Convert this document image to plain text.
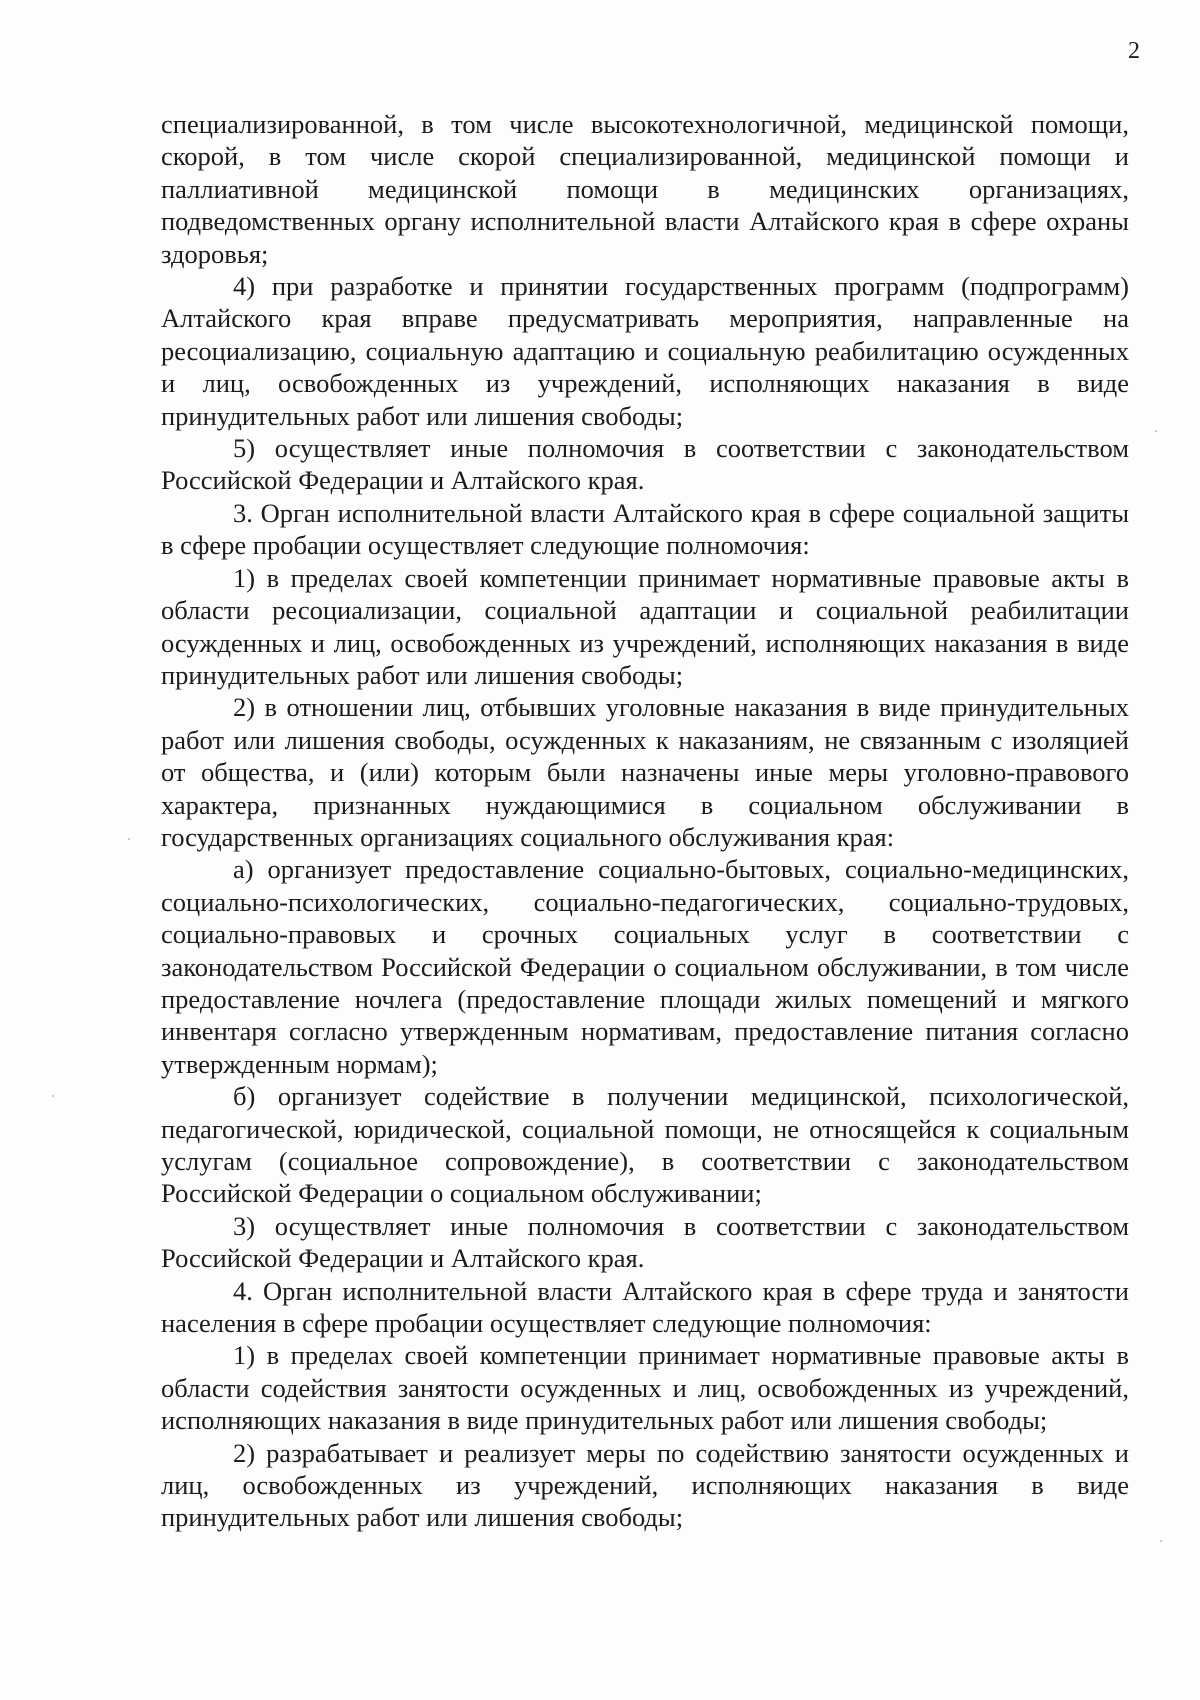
2

специализированной, в том числе высокотехнологичной, медицинской помощи, скорой, в том числе скорой специализированной, медицинской помощи и паллиативной медицинской помощи в медицинских организациях, подведомственных органу исполнительной власти Алтайского края в сфере охраны здоровья;

4) при разработке и принятии государственных программ (подпрограмм) Алтайского края вправе предусматривать мероприятия, направленные на ресоциализацию, социальную адаптацию и социальную реабилитацию осужденных и лиц, освобожденных из учреждений, исполняющих наказания в виде принудительных работ или лишения свободы;

5) осуществляет иные полномочия в соответствии с законодательством Российской Федерации и Алтайского края.

3. Орган исполнительной власти Алтайского края в сфере социальной защиты в сфере пробации осуществляет следующие полномочия:

1) в пределах своей компетенции принимает нормативные правовые акты в области ресоциализации, социальной адаптации и социальной реабилитации осужденных и лиц, освобожденных из учреждений, исполняющих наказания в виде принудительных работ или лишения свободы;

2) в отношении лиц, отбывших уголовные наказания в виде принудительных работ или лишения свободы, осужденных к наказаниям, не связанным с изоляцией от общества, и (или) которым были назначены иные меры уголовно-правового характера, признанных нуждающимися в социальном обслуживании в государственных организациях социального обслуживания края:

а) организует предоставление социально-бытовых, социально-медицинских, социально-психологических, социально-педагогических, социально-трудовых, социально-правовых и срочных социальных услуг в соответствии с законодательством Российской Федерации о социальном обслуживании, в том числе предоставление ночлега (предоставление площади жилых помещений и мягкого инвентаря согласно утвержденным нормативам, предоставление питания согласно утвержденным нормам);

б) организует содействие в получении медицинской, психологической, педагогической, юридической, социальной помощи, не относящейся к социальным услугам (социальное сопровождение), в соответствии с законодательством Российской Федерации о социальном обслуживании;

3) осуществляет иные полномочия в соответствии с законодательством Российской Федерации и Алтайского края.

4. Орган исполнительной власти Алтайского края в сфере труда и занятости населения в сфере пробации осуществляет следующие полномочия:

1) в пределах своей компетенции принимает нормативные правовые акты в области содействия занятости осужденных и лиц, освобожденных из учреждений, исполняющих наказания в виде принудительных работ или лишения свободы;

2) разрабатывает и реализует меры по содействию занятости осужденных и лиц, освобожденных из учреждений, исполняющих наказания в виде принудительных работ или лишения свободы;
